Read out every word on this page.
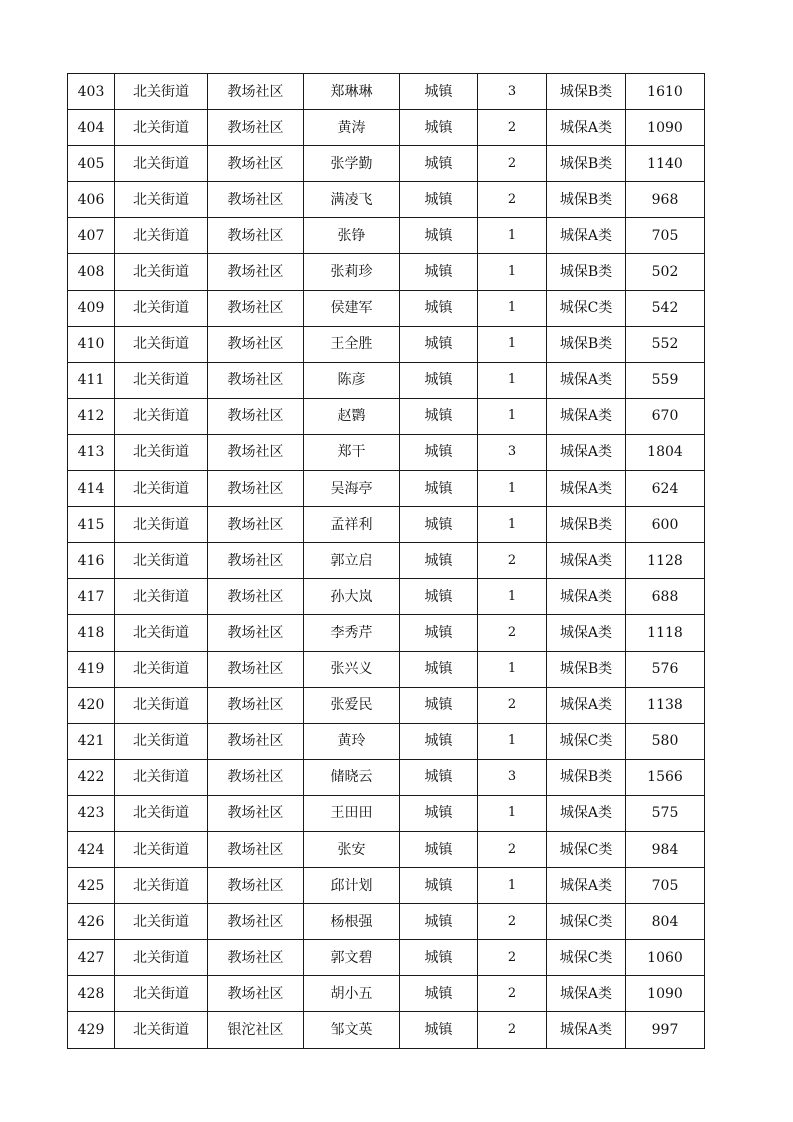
403	北关街道	教场社区	郑琳琳	城镇	3	城保B类	1610
404	北关街道	教场社区	黄涛	城镇	2	城保A类	1090
405	北关街道	教场社区	张学勤	城镇	2	城保B类	1140
406	北关街道	教场社区	满凌飞	城镇	2	城保B类	968
407	北关街道	教场社区	张铮	城镇	1	城保A类	705
408	北关街道	教场社区	张莉珍	城镇	1	城保B类	502
409	北关街道	教场社区	侯建军	城镇	1	城保C类	542
410	北关街道	教场社区	王全胜	城镇	1	城保B类	552
411	北关街道	教场社区	陈彦	城镇	1	城保A类	559
412	北关街道	教场社区	赵鹮	城镇	1	城保A类	670
413	北关街道	教场社区	郑干	城镇	3	城保A类	1804
414	北关街道	教场社区	吴海亭	城镇	1	城保A类	624
415	北关街道	教场社区	孟祥利	城镇	1	城保B类	600
416	北关街道	教场社区	郭立启	城镇	2	城保A类	1128
417	北关街道	教场社区	孙大岚	城镇	1	城保A类	688
418	北关街道	教场社区	李秀芹	城镇	2	城保A类	1118
419	北关街道	教场社区	张兴义	城镇	1	城保B类	576
420	北关街道	教场社区	张爱民	城镇	2	城保A类	1138
421	北关街道	教场社区	黄玲	城镇	1	城保C类	580
422	北关街道	教场社区	储晓云	城镇	3	城保B类	1566
423	北关街道	教场社区	王田田	城镇	1	城保A类	575
424	北关街道	教场社区	张安	城镇	2	城保C类	984
425	北关街道	教场社区	邱计划	城镇	1	城保A类	705
426	北关街道	教场社区	杨根强	城镇	2	城保C类	804
427	北关街道	教场社区	郭文碧	城镇	2	城保C类	1060
428	北关街道	教场社区	胡小五	城镇	2	城保A类	1090
429	北关街道	银沱社区	邹文英	城镇	2	城保A类	997
